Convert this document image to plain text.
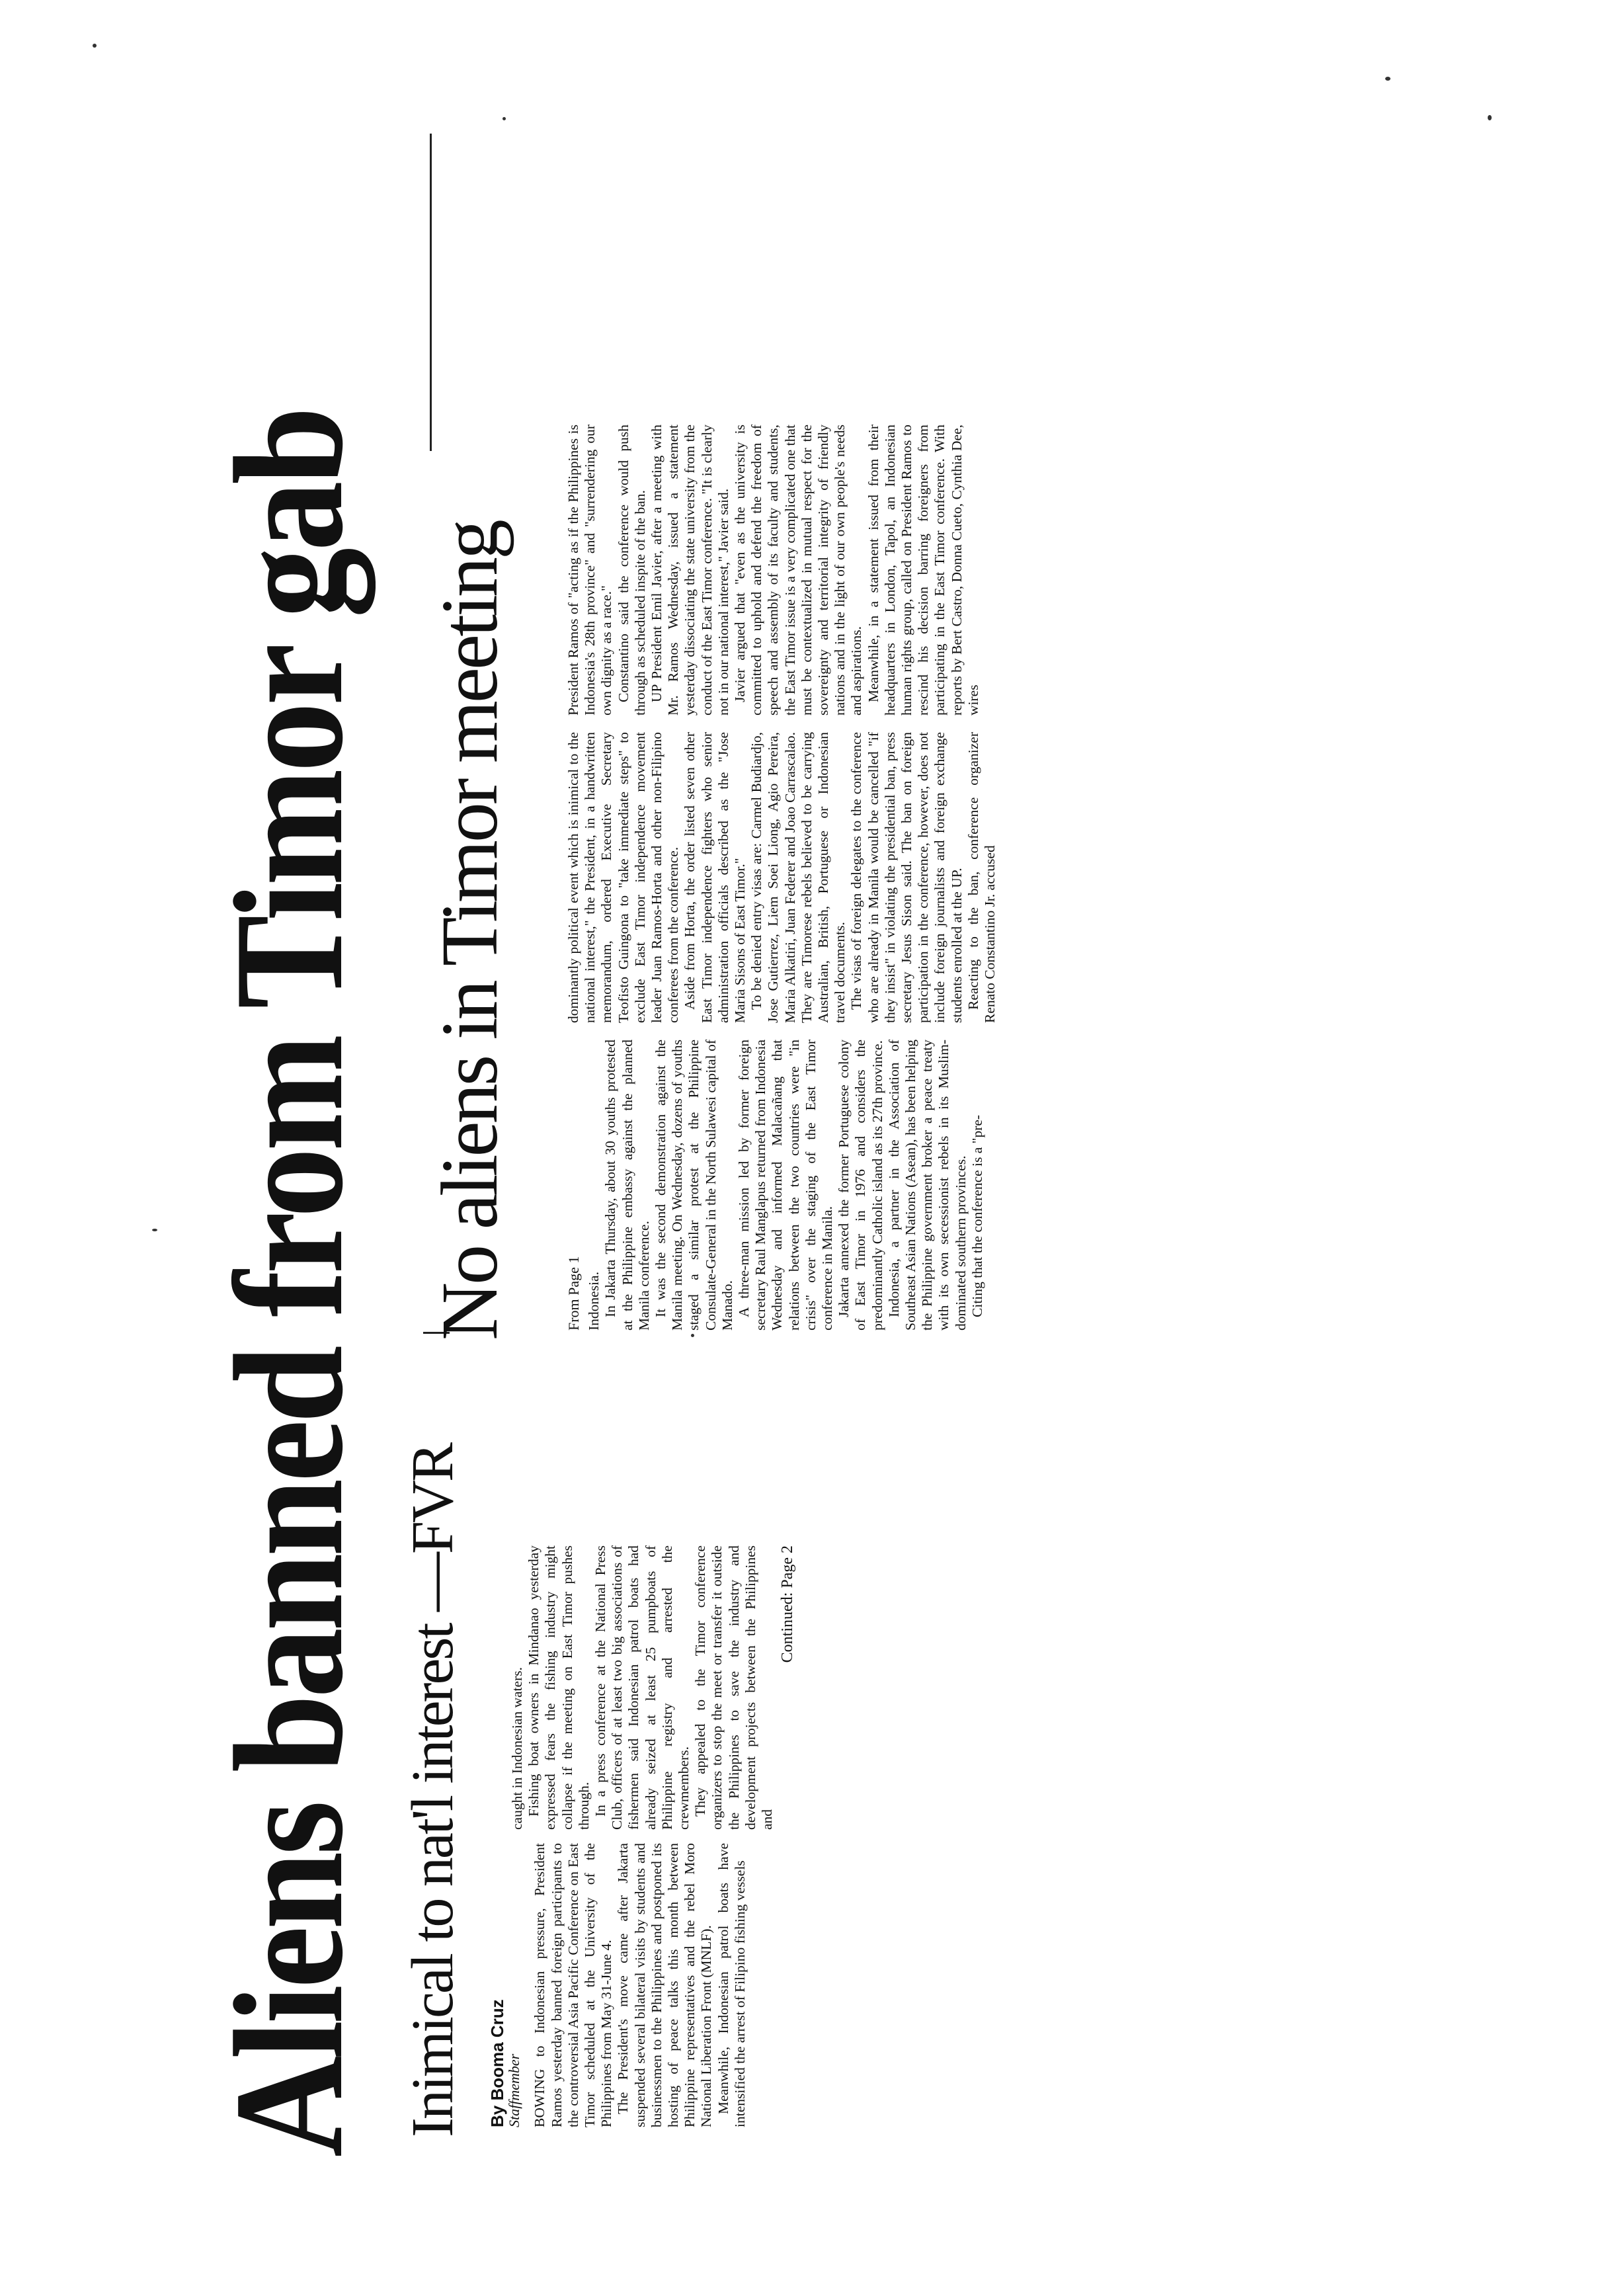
Aliens banned from Timor gab Inimical to nat'l interest —FVR
No aliens in Timor meeting
By Booma Cruz
Staffmember BOWING to Indonesian pressure, President Ramos yesterday banned foreign participants to the controversial Asia Pacific Conference on East Timor scheduled at the University of the Philippines from May 31-June 4. The President's move came after Jakarta suspended several bilateral visits by students and businessmen to the Philippines and postponed its hosting of peace talks this month between Philippine representatives and the rebel Moro National Liberation Front (MNLF). Meanwhile, Indonesian patrol boats have intensified the arrest of Filipino fishing vessels

caught in Indonesian waters. Fishing boat owners in Mindanao yesterday expressed fears the fishing industry might collapse if the meeting on East Timor pushes through. In a press conference at the National Press Club, officers of at least two big associations of fishermen said Indonesian patrol boats had already seized at least 25 pumpboats of Philippine registry and arrested the crewmembers. They appealed to the Timor conference organizers to stop the meet or transfer it outside the Philippines to save the industry and development projects between the Philippines and

Continued: Page 2
From Page 1 Indonesia. In Jakarta Thursday, about 30 youths protested at the Philippine embassy against the planned Manila conference. It was the second demonstration against the Manila meeting. On Wednesday, dozens of youths staged a similar protest at the Philippine Consulate-General in the North Sulawesi capital of Manado. A three-man mission led by former foreign secretary Raul Manglapus returned from Indonesia Wednesday and informed Malacañang that relations between the two countries were "in crisis" over the staging of the East Timor conference in Manila. Jakarta annexed the former Portuguese colony of East Timor in 1976 and considers the predominantly Catholic island as its 27th province. Indonesia, a partner in the Association of Southeast Asian Nations (Asean), has been helping the Philippine government broker a peace treaty with its own secessionist rebels in its Muslim-dominated southern provinces. Citing that the conference is a "pre-

dominantly political event which is inimical to the national interest," the President, in a handwritten memorandum, ordered Executive Secretary Teofisto Guingona to "take immediate steps" to exclude East Timor independence movement leader Juan Ramos-Horta and other non-Filipino conferees from the conference. Aside from Horta, the order listed seven other East Timor independence fighters who senior administration officials described as the "Jose Maria Sisons of East Timor." To be denied entry visas are: Carmel Budiardjo, Jose Gutierrez, Liem Soei Liong, Agio Pereira, Maria Alkatiri, Juan Federer and Joao Carrascalao. They are Timorese rebels believed to be carrying Australian, British, Portuguese or Indonesian travel documents. The visas of foreign delegates to the conference who are already in Manila would be cancelled "if they insist" in violating the presidential ban, press secretary Jesus Sison said. The ban on foreign participation in the conference, however, does not include foreign journalists and foreign exchange students enrolled at the UP. Reacting to the ban, conference organizer Renato Constantino Jr. accused

President Ramos of "acting as if the Philippines is Indonesia's 28th province" and "surrendering our own dignity as a race." Constantino said the conference would push through as scheduled inspite of the ban. UP President Emil Javier, after a meeting with Mr. Ramos Wednesday, issued a statement yesterday dissociating the state university from the conduct of the East Timor conference. "It is clearly not in our national interest," Javier said. Javier argued that "even as the university is committed to uphold and defend the freedom of speech and assembly of its faculty and students, the East Timor issue is a very complicated one that must be contextualized in mutual respect for the sovereignty and territorial integrity of friendly nations and in the light of our own people's needs and aspirations. Meanwhile, in a statement issued from their headquarters in London, Tapol, an Indonesian human rights group, called on President Ramos to rescind his decision barring foreigners from participating in the East Timor conference. With reports by Bert Castro, Donna Cueto, Cynthia Dee, wires
